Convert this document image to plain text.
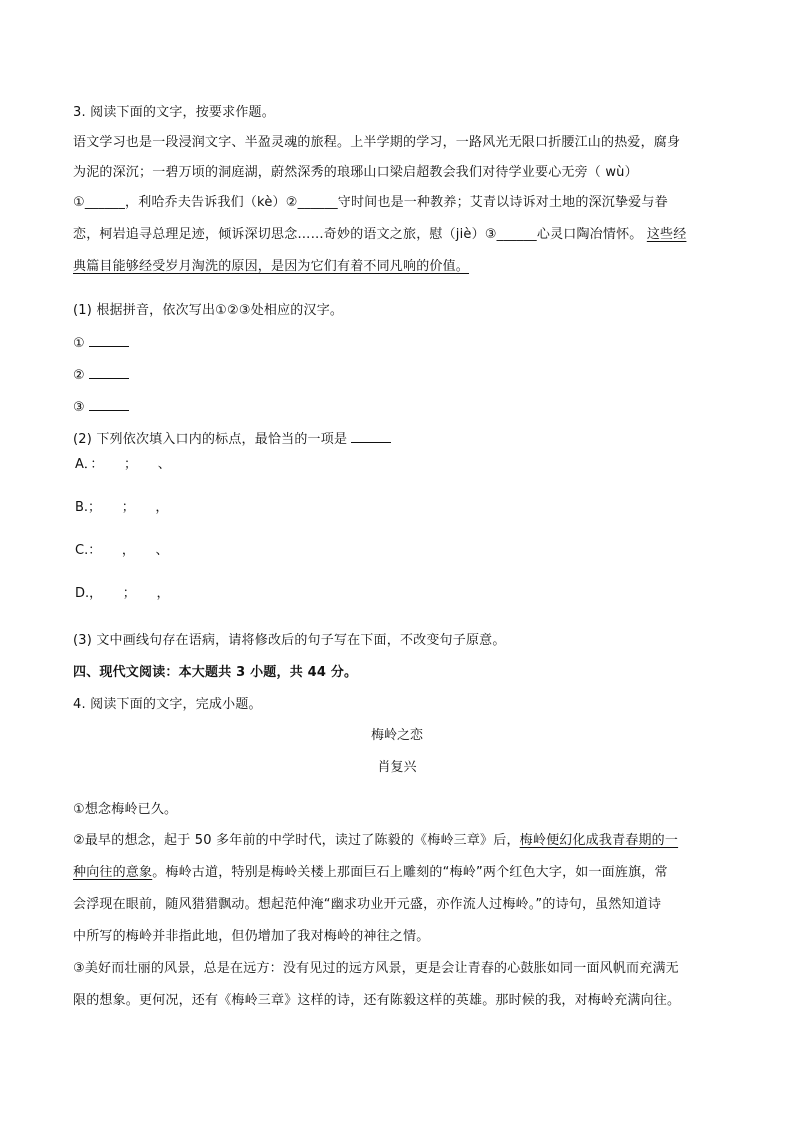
3. 阅读下面的文字，按要求作题。
语文学习也是一段浸润文字、半盈灵魂的旅程。上半学期的学习，一路风光无限口折腰江山的热爱，腐身
为泥的深沉；一碧万顷的洞庭湖，蔚然深秀的琅琊山口梁启超教会我们对待学业要心无旁（ wù）
①______，利哈乔夫告诉我们（kè）②______守时间也是一种教养；艾青以诗诉对土地的深沉挚爱与眷
恋，柯岩追寻总理足迹，倾诉深切思念……奇妙的语文之旅，慰（jiè）③______心灵口陶冶情怀。 这些经
典篇目能够经受岁月淘洗的原因，是因为它们有着不同凡响的价值。
(1) 根据拼音，依次写出①②③处相应的汉字。
①
②
③
(2) 下列依次填入口内的标点，最恰当的一项是
A．：     ；     、
B.；     ；     ，
C.：     ，     、
D.，     ；     ，
(3) 文中画线句存在语病，请将修改后的句子写在下面，不改变句子原意。
四、现代文阅读：本大题共 3 小题，共 44 分。
4. 阅读下面的文字，完成小题。
梅岭之恋
肖复兴
①想念梅岭已久。
②最早的想念，起于 50 多年前的中学时代，读过了陈毅的《梅岭三章》后，梅岭便幻化成我青春期的一
种向往的意象。梅岭古道，特别是梅岭关楼上那面巨石上雕刻的“梅岭”两个红色大字，如一面旌旗，常
会浮现在眼前，随风猎猎飘动。想起范仲淹“幽求功业开元盛，亦作流人过梅岭。”的诗句，虽然知道诗
中所写的梅岭并非指此地，但仍增加了我对梅岭的神往之情。
③美好而壮丽的风景，总是在远方：没有见过的远方风景，更是会让青春的心鼓胀如同一面风帆而充满无
限的想象。更何况，还有《梅岭三章》这样的诗，还有陈毅这样的英雄。那时候的我，对梅岭充满向往。
